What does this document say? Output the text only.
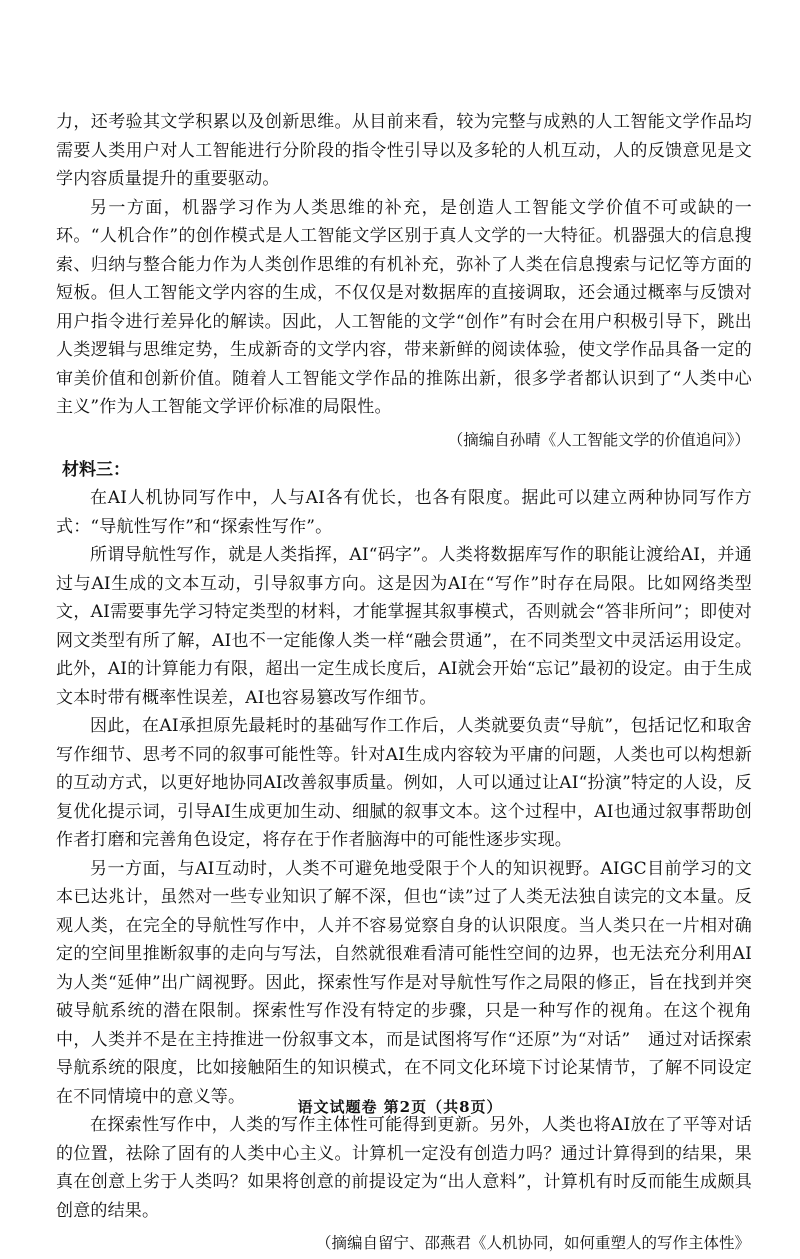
力，还考验其文学积累以及创新思维。从目前来看，较为完整与成熟的人工智能文学作品均需要人类用户对人工智能进行分阶段的指令性引导以及多轮的人机互动，人的反馈意见是文学内容质量提升的重要驱动。

另一方面，机器学习作为人类思维的补充，是创造人工智能文学价值不可或缺的一环。“人机合作”的创作模式是人工智能文学区别于真人文学的一大特征。机器强大的信息搜索、归纳与整合能力作为人类创作思维的有机补充，弥补了人类在信息搜索与记忆等方面的短板。但人工智能文学内容的生成，不仅仅是对数据库的直接调取，还会通过概率与反馈对用户指令进行差异化的解读。因此，人工智能的文学“创作”有时会在用户积极引导下，跳出人类逻辑与思维定势，生成新奇的文学内容，带来新鲜的阅读体验，使文学作品具备一定的审美价值和创新价值。随着人工智能文学作品的推陈出新，很多学者都认识到了“人类中心主义”作为人工智能文学评价标准的局限性。

（摘编自孙晴《人工智能文学的价值追问》）

材料三：

在AI人机协同写作中，人与AI各有优长，也各有限度。据此可以建立两种协同写作方式：“导航性写作”和“探索性写作”。

所谓导航性写作，就是人类指挥，AI“码字”。人类将数据库写作的职能让渡给AI，并通过与AI生成的文本互动，引导叙事方向。这是因为AI在“写作”时存在局限。比如网络类型文，AI需要事先学习特定类型的材料，才能掌握其叙事模式，否则就会“答非所问”；即使对网文类型有所了解，AI也不一定能像人类一样“融会贯通”，在不同类型文中灵活运用设定。此外，AI的计算能力有限，超出一定生成长度后，AI就会开始“忘记”最初的设定。由于生成文本时带有概率性误差，AI也容易篡改写作细节。

因此，在AI承担原先最耗时的基础写作工作后，人类就要负责“导航”，包括记忆和取舍写作细节、思考不同的叙事可能性等。针对AI生成内容较为平庸的问题，人类也可以构想新的互动方式，以更好地协同AI改善叙事质量。例如，人可以通过让AI“扮演”特定的人设，反复优化提示词，引导AI生成更加生动、细腻的叙事文本。这个过程中，AI也通过叙事帮助创作者打磨和完善角色设定，将存在于作者脑海中的可能性逐步实现。

另一方面，与AI互动时，人类不可避免地受限于个人的知识视野。AIGC目前学习的文本已达兆计，虽然对一些专业知识了解不深，但也“读”过了人类无法独自读完的文本量。反观人类，在完全的导航性写作中，人并不容易觉察自身的认识限度。当人类只在一片相对确定的空间里推断叙事的走向与写法，自然就很难看清可能性空间的边界，也无法充分利用AI为人类“延伸”出广阔视野。因此，探索性写作是对导航性写作之局限的修正，旨在找到并突破导航系统的潜在限制。探索性写作没有特定的步骤，只是一种写作的视角。在这个视角中，人类并不是在主持推进一份叙事文本，而是试图将写作“还原”为“对话”　通过对话探索导航系统的限度，比如接触陌生的知识模式，在不同文化环境下讨论某情节，了解不同设定在不同情境中的意义等。

在探索性写作中，人类的写作主体性可能得到更新。另外，人类也将AI放在了平等对话的位置，祛除了固有的人类中心主义。计算机一定没有创造力吗？通过计算得到的结果，果真在创意上劣于人类吗？如果将创意的前提设定为“出人意料”，计算机有时反而能生成颇具创意的结果。

（摘编自留宁、邵燕君《人机协同，如何重塑人的写作主体性》

语文试题卷 第2页（共8页）
